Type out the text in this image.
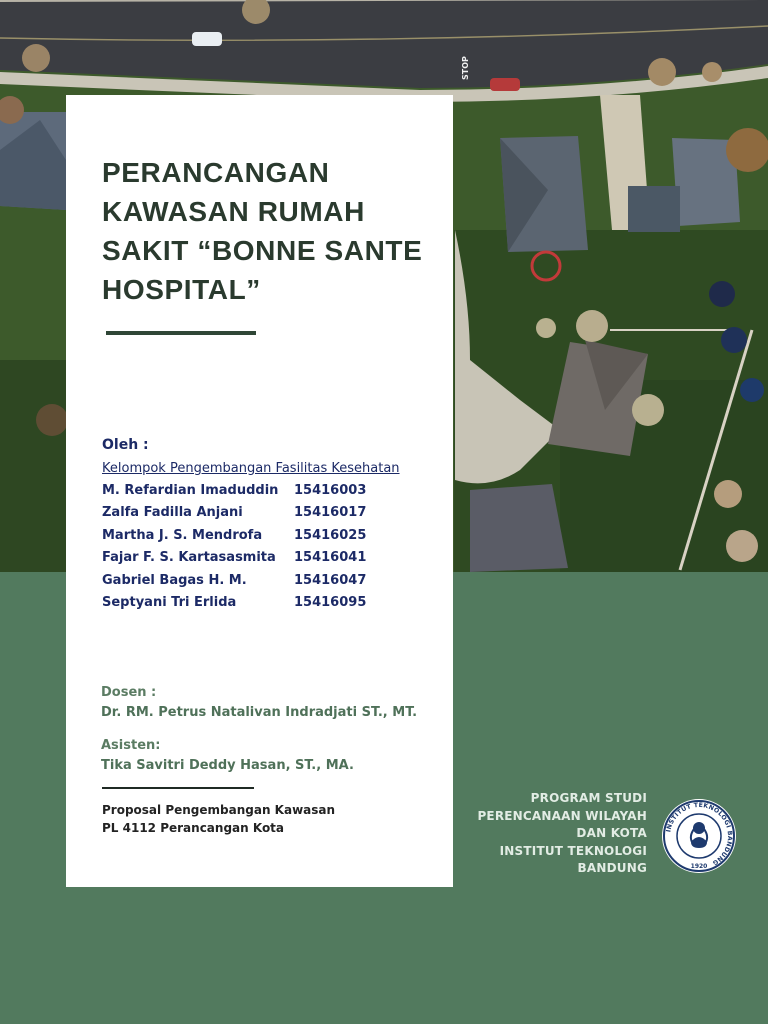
STOP
PERANCANGAN KAWASAN RUMAH SAKIT “BONNE SANTE HOSPITAL”
Oleh :
Kelompok Pengembangan Fasilitas Kesehatan
M. Refardian Imaduddin	15416003
Zalfa Fadilla Anjani	15416017
Martha J. S. Mendrofa	15416025
Fajar F. S. Kartasasmita	15416041
Gabriel Bagas H. M.	15416047
Septyani Tri Erlida	15416095
Dosen :
Dr. RM. Petrus Natalivan Indradjati ST., MT.
Asisten:
Tika Savitri Deddy Hasan, ST., MA.
Proposal Pengembangan Kawasan
PL 4112 Perancangan Kota
PROGRAM STUDI
PERENCANAAN WILAYAH
DAN KOTA
INSTITUT TEKNOLOGI
BANDUNG
INSTITUT TEKNOLOGI BANDUNG
1920
